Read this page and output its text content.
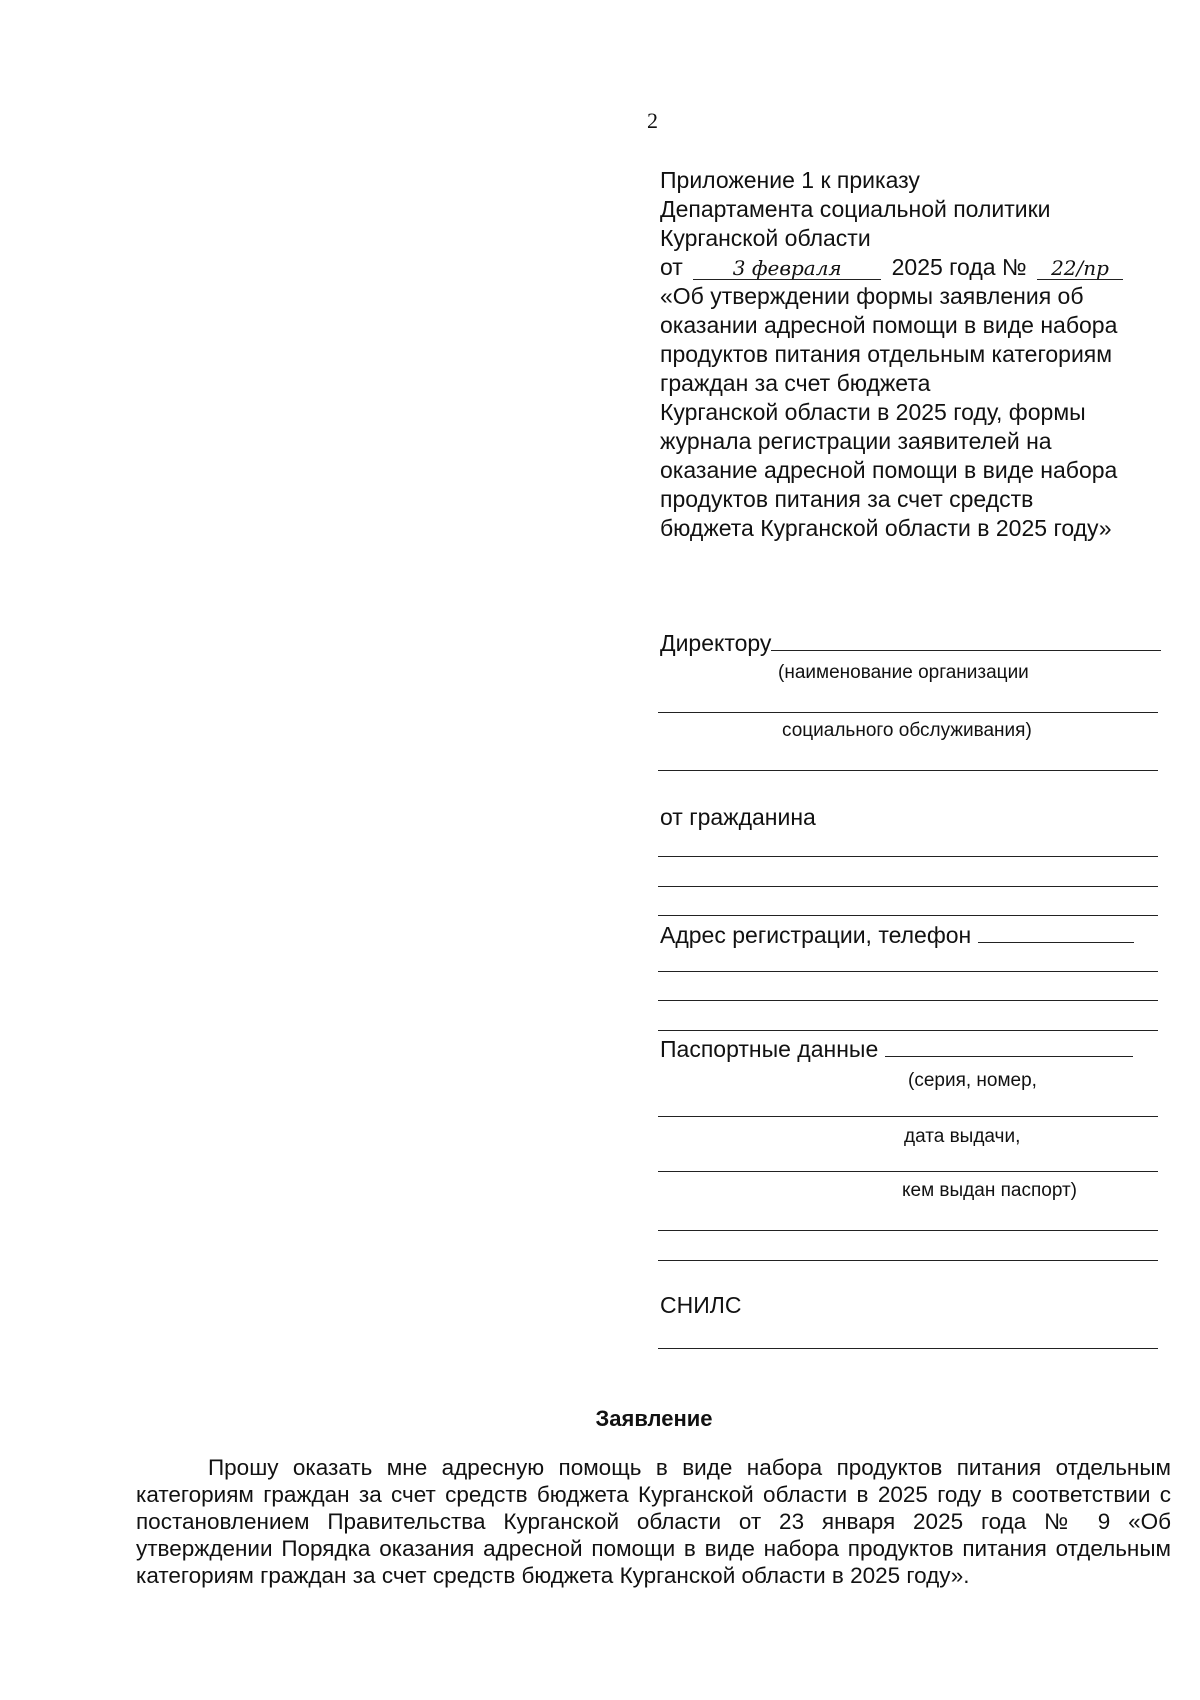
2
Приложение 1 к приказу
Департамента социальной политики
Курганской области
от 3 февраля 2025 года № 22/пр
«Об утверждении формы заявления об
оказании адресной помощи в виде набора
продуктов питания отдельным категориям
граждан за счет бюджета
Курганской области в 2025 году, формы
журнала регистрации заявителей на
оказание адресной помощи в виде набора
продуктов питания за счет средств
бюджета Курганской области в 2025 году»
Директору
(наименование организации
социального обслуживания)
от гражданина
Адрес регистрации, телефон
Паспортные данные
(серия, номер,
дата выдачи,
кем выдан паспорт)
СНИЛС
Заявление

Прошу оказать мне адресную помощь в виде набора продуктов питания отдельным категориям граждан за счет средств бюджета Курганской области в 2025 году в соответствии с постановлением Правительства Курганской области от 23 января 2025 года № 9 «Об утверждении Порядка оказания адресной помощи в виде набора продуктов питания отдельным категориям граждан за счет средств бюджета Курганской области в 2025 году».
